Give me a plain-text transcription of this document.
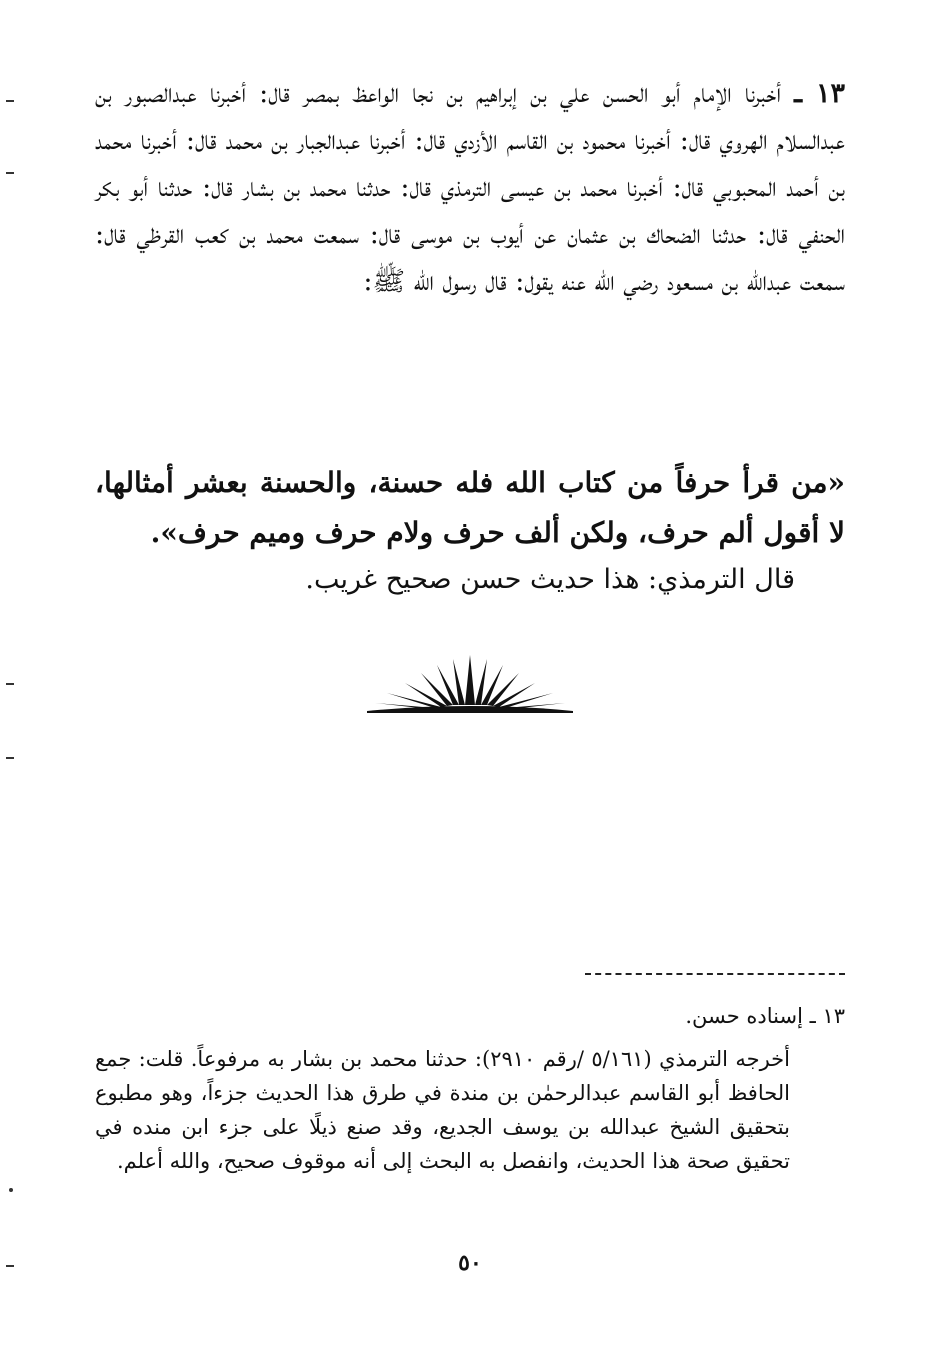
١٣ ـ أخبرنا الإمام أبو الحسن علي بن إبراهيم بن نجا الواعظ بمصر قال: أخبرنا عبدالصبور بن عبدالسلام الهروي قال: أخبرنا محمود بن القاسم الأزدي قال: أخبرنا عبدالجبار بن محمد قال: أخبرنا محمد بن أحمد المحبوبي قال: أخبرنا محمد بن عيسى الترمذي قال: حدثنا محمد بن بشار قال: حدثنا أبو بكر الحنفي قال: حدثنا الضحاك بن عثمان عن أيوب بن موسى قال: سمعت محمد بن كعب القرظي قال: سمعت عبدالله بن مسعود رضي الله عنه يقول: قال رسول الله ﷺ:

«من قرأ حرفاً من كتاب الله فله حسنة، والحسنة بعشر أمثالها، لا أقول ألم حرف، ولكن ألف حرف ولام حرف وميم حرف».

قال الترمذي: هذا حديث حسن صحيح غريب.

١٣ ـ إسناده حسن.

أخرجه الترمذي (٥/١٦١ /رقم ٢٩١٠): حدثنا محمد بن بشار به مرفوعاً. قلت: جمع الحافظ أبو القاسم عبدالرحمٰن بن مندة في طرق هذا الحديث جزءاً، وهو مطبوع بتحقيق الشيخ عبدالله بن يوسف الجديع، وقد صنع ذيلًا على جزء ابن منده في تحقيق صحة هذا الحديث، وانفصل به البحث إلى أنه موقوف صحيح، والله أعلم.

٥٠
